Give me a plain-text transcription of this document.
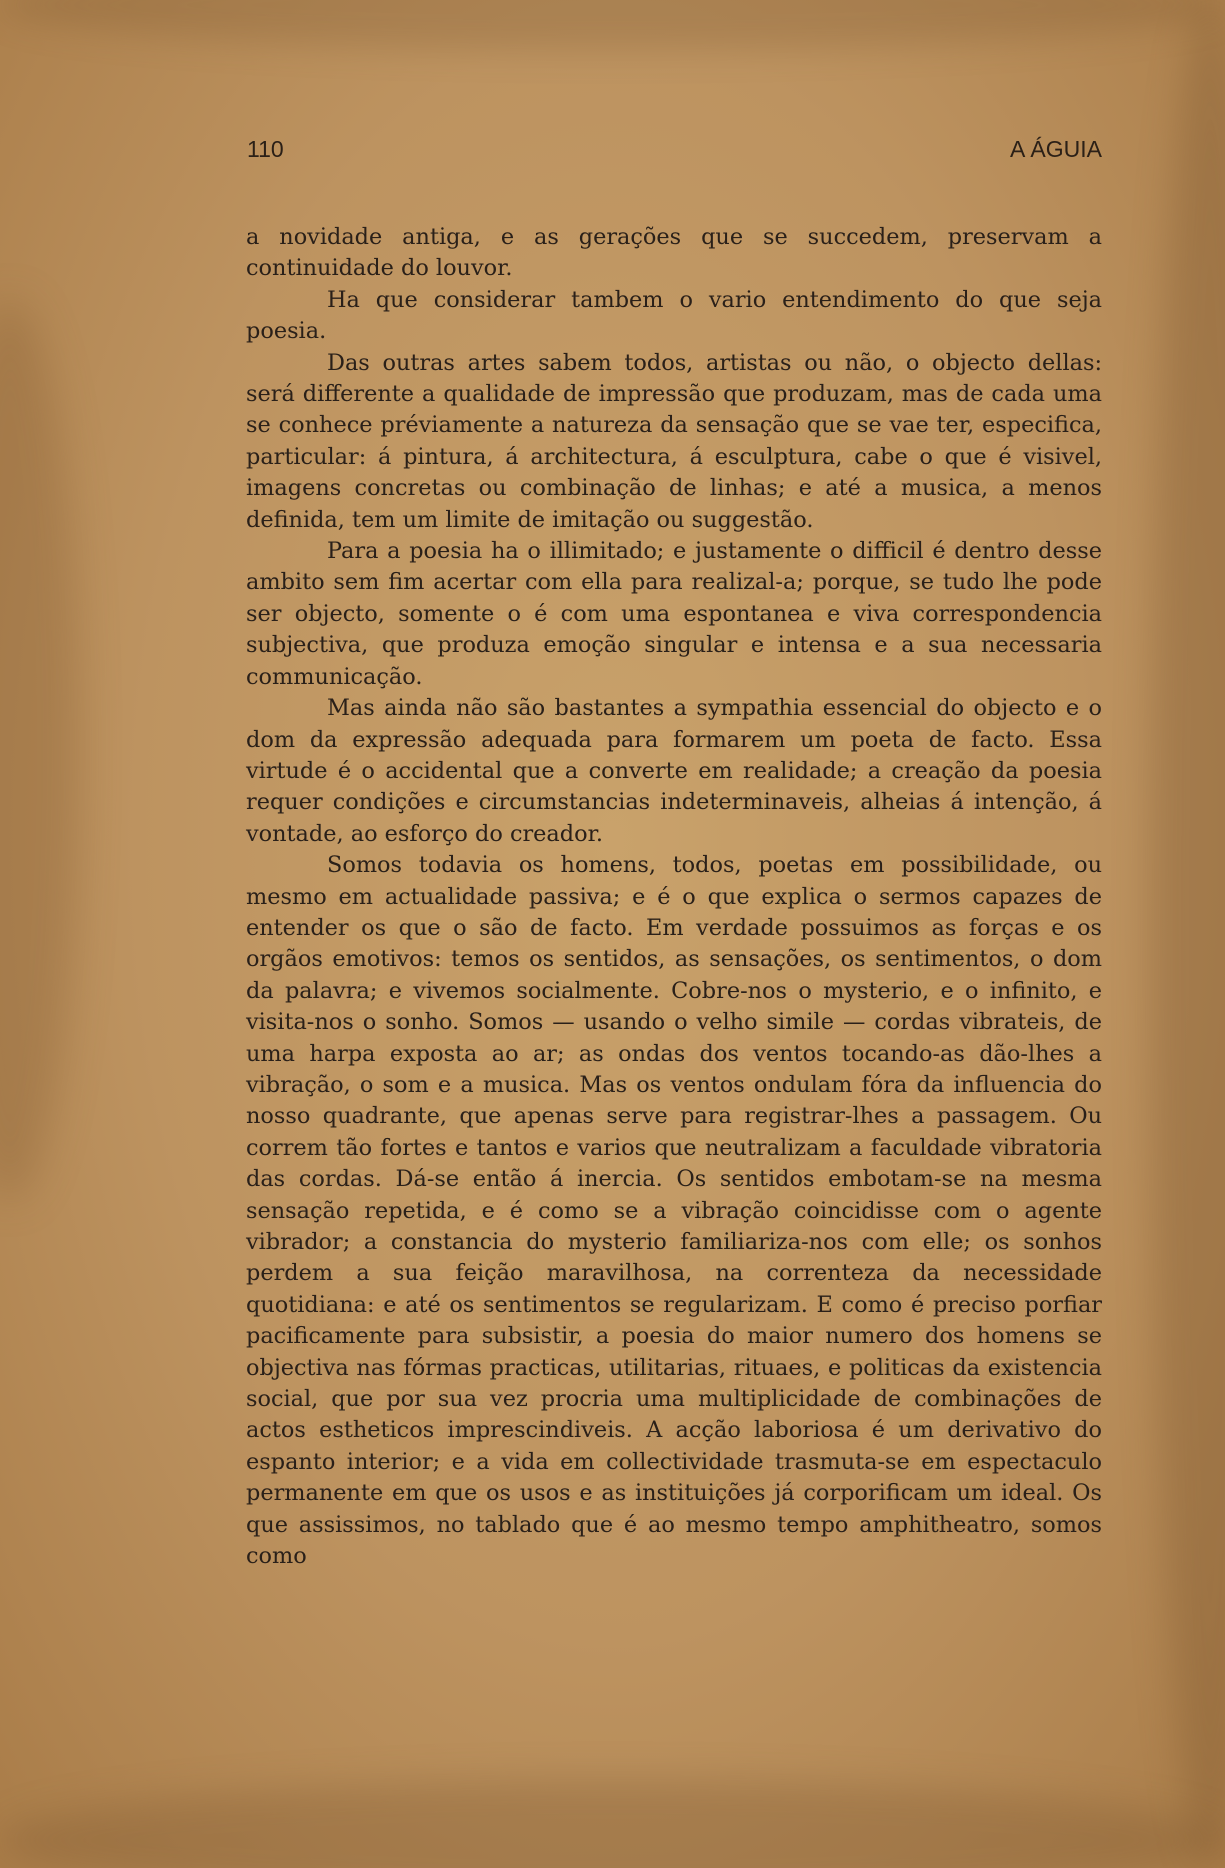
110	A ÁGUIA

a novidade antiga, e as gerações que se succedem, preservam a continuidade do louvor.

Ha que considerar tambem o vario entendimento do que seja poesia.

Das outras artes sabem todos, artistas ou não, o objecto dellas: será differente a qualidade de impressão que produzam, mas de cada uma se conhece préviamente a natureza da sensação que se vae ter, especifica, particular: á pintura, á architectura, á esculptura, cabe o que é visivel, imagens concretas ou combinação de linhas; e até a musica, a menos definida, tem um limite de imitação ou suggestão.

Para a poesia ha o illimitado; e justamente o difficil é dentro desse ambito sem fim acertar com ella para realizal-a; porque, se tudo lhe pode ser objecto, somente o é com uma espontanea e viva correspondencia subjectiva, que produza emoção singular e intensa e a sua necessaria communicação.

Mas ainda não são bastantes a sympathia essencial do objecto e o dom da expressão adequada para formarem um poeta de facto. Essa virtude é o accidental que a converte em realidade; a creação da poesia requer condições e circumstancias indeterminaveis, alheias á intenção, á vontade, ao esforço do creador.

Somos todavia os homens, todos, poetas em possibilidade, ou mesmo em actualidade passiva; e é o que explica o sermos capazes de entender os que o são de facto. Em verdade possuimos as forças e os orgãos emotivos: temos os sentidos, as sensações, os sentimentos, o dom da palavra; e vivemos socialmente. Cobre-nos o mysterio, e o infinito, e visita-nos o sonho. Somos — usando o velho simile — cordas vibrateis, de uma harpa exposta ao ar; as ondas dos ventos tocando-as dão-lhes a vibração, o som e a musica. Mas os ventos ondulam fóra da influencia do nosso quadrante, que apenas serve para registrar-lhes a passagem. Ou correm tão fortes e tantos e varios que neutralizam a faculdade vibratoria das cordas. Dá-se então á inercia. Os sentidos embotam-se na mesma sensação repetida, e é como se a vibração coincidisse com o agente vibrador; a constancia do mysterio familiariza-nos com elle; os sonhos perdem a sua feição maravilhosa, na correnteza da necessidade quotidiana: e até os sentimentos se regularizam. E como é preciso porfiar pacificamente para subsistir, a poesia do maior numero dos homens se objectiva nas fórmas practicas, utilitarias, rituaes, e politicas da existencia social, que por sua vez procria uma multiplicidade de combinações de actos estheticos imprescindiveis. A acção laboriosa é um derivativo do espanto interior; e a vida em collectividade trasmuta-se em espectaculo permanente em que os usos e as instituições já corporificam um ideal. Os que assissimos, no tablado que é ao mesmo tempo amphitheatro, somos como
